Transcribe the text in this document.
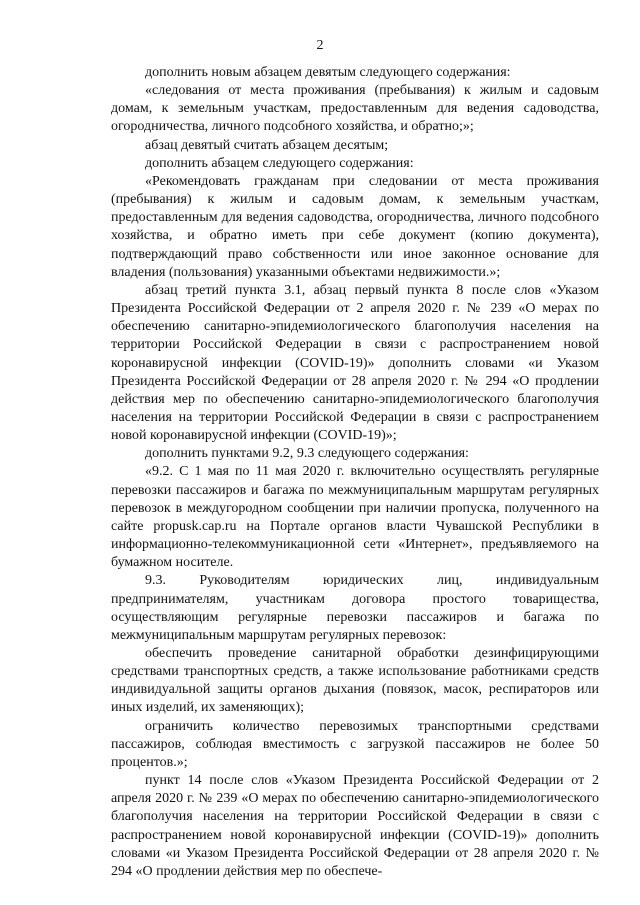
2

дополнить новым абзацем девятым следующего содержания:

«следования от места проживания (пребывания) к жилым и садовым домам, к земельным участкам, предоставленным для ведения садоводства, огородничества, личного подсобного хозяйства, и обратно;»;

абзац девятый считать абзацем десятым;

дополнить абзацем следующего содержания:

«Рекомендовать гражданам при следовании от места проживания (пребывания) к жилым и садовым домам, к земельным участкам, предоставленным для ведения садоводства, огородничества, личного подсобного хозяйства, и обратно иметь при себе документ (копию документа), подтверждающий право собственности или иное законное основание для владения (пользования) указанными объектами недвижимости.»;

абзац третий пункта 3.1, абзац первый пункта 8 после слов «Указом Президента Российской Федерации от 2 апреля 2020 г. № 239 «О мерах по обеспечению санитарно-эпидемиологического благополучия населения на территории Российской Федерации в связи с распространением новой коронавирусной инфекции (COVID-19)» дополнить словами «и Указом Президента Российской Федерации от 28 апреля 2020 г. № 294 «О продлении действия мер по обеспечению санитарно-эпидемиологического благополучия населения на территории Российской Федерации в связи с распространением новой коронавирусной инфекции (COVID-19)»;

дополнить пунктами 9.2, 9.3 следующего содержания:

«9.2. С 1 мая по 11 мая 2020 г. включительно осуществлять регулярные перевозки пассажиров и багажа по межмуниципальным маршрутам регулярных перевозок в междугородном сообщении при наличии пропуска, полученного на сайте propusk.cap.ru на Портале органов власти Чувашской Республики в информационно-телекоммуникационной сети «Интернет», предъявляемого на бумажном носителе.

9.3. Руководителям юридических лиц, индивидуальным предпринимателям, участникам договора простого товарищества, осуществляющим регулярные перевозки пассажиров и багажа по межмуниципальным маршрутам регулярных перевозок:

обеспечить проведение санитарной обработки дезинфицирующими средствами транспортных средств, а также использование работниками средств индивидуальной защиты органов дыхания (повязок, масок, респираторов или иных изделий, их заменяющих);

ограничить количество перевозимых транспортными средствами пассажиров, соблюдая вместимость с загрузкой пассажиров не более 50 процентов.»;

пункт 14 после слов «Указом Президента Российской Федерации от 2 апреля 2020 г. № 239 «О мерах по обеспечению санитарно-эпидемиологического благополучия населения на территории Российской Федерации в связи с распространением новой коронавирусной инфекции (COVID-19)» дополнить словами «и Указом Президента Российской Федерации от 28 апреля 2020 г. № 294 «О продлении действия мер по обеспече-
